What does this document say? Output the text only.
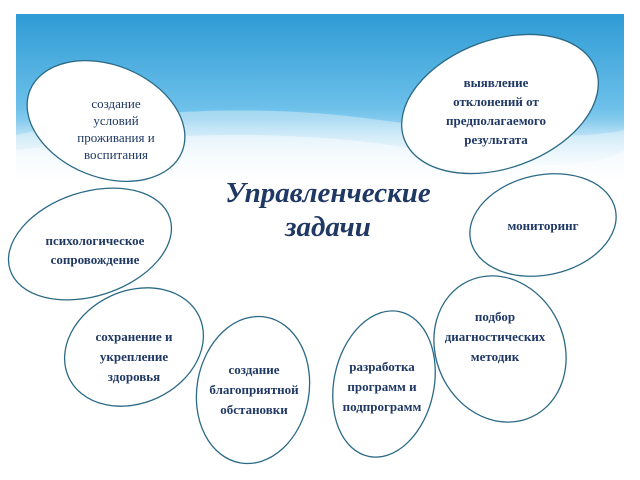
Управленческие
задачи
создание
условий
проживания и
воспитания
выявление
отклонений от
предполагаемого
результата
психологическое
сопровождение
мониторинг
сохранение и
укрепление
здоровья
подбор
диагностических
методик
создание
благоприятной
обстановки
разработка
программ и
подпрограмм
